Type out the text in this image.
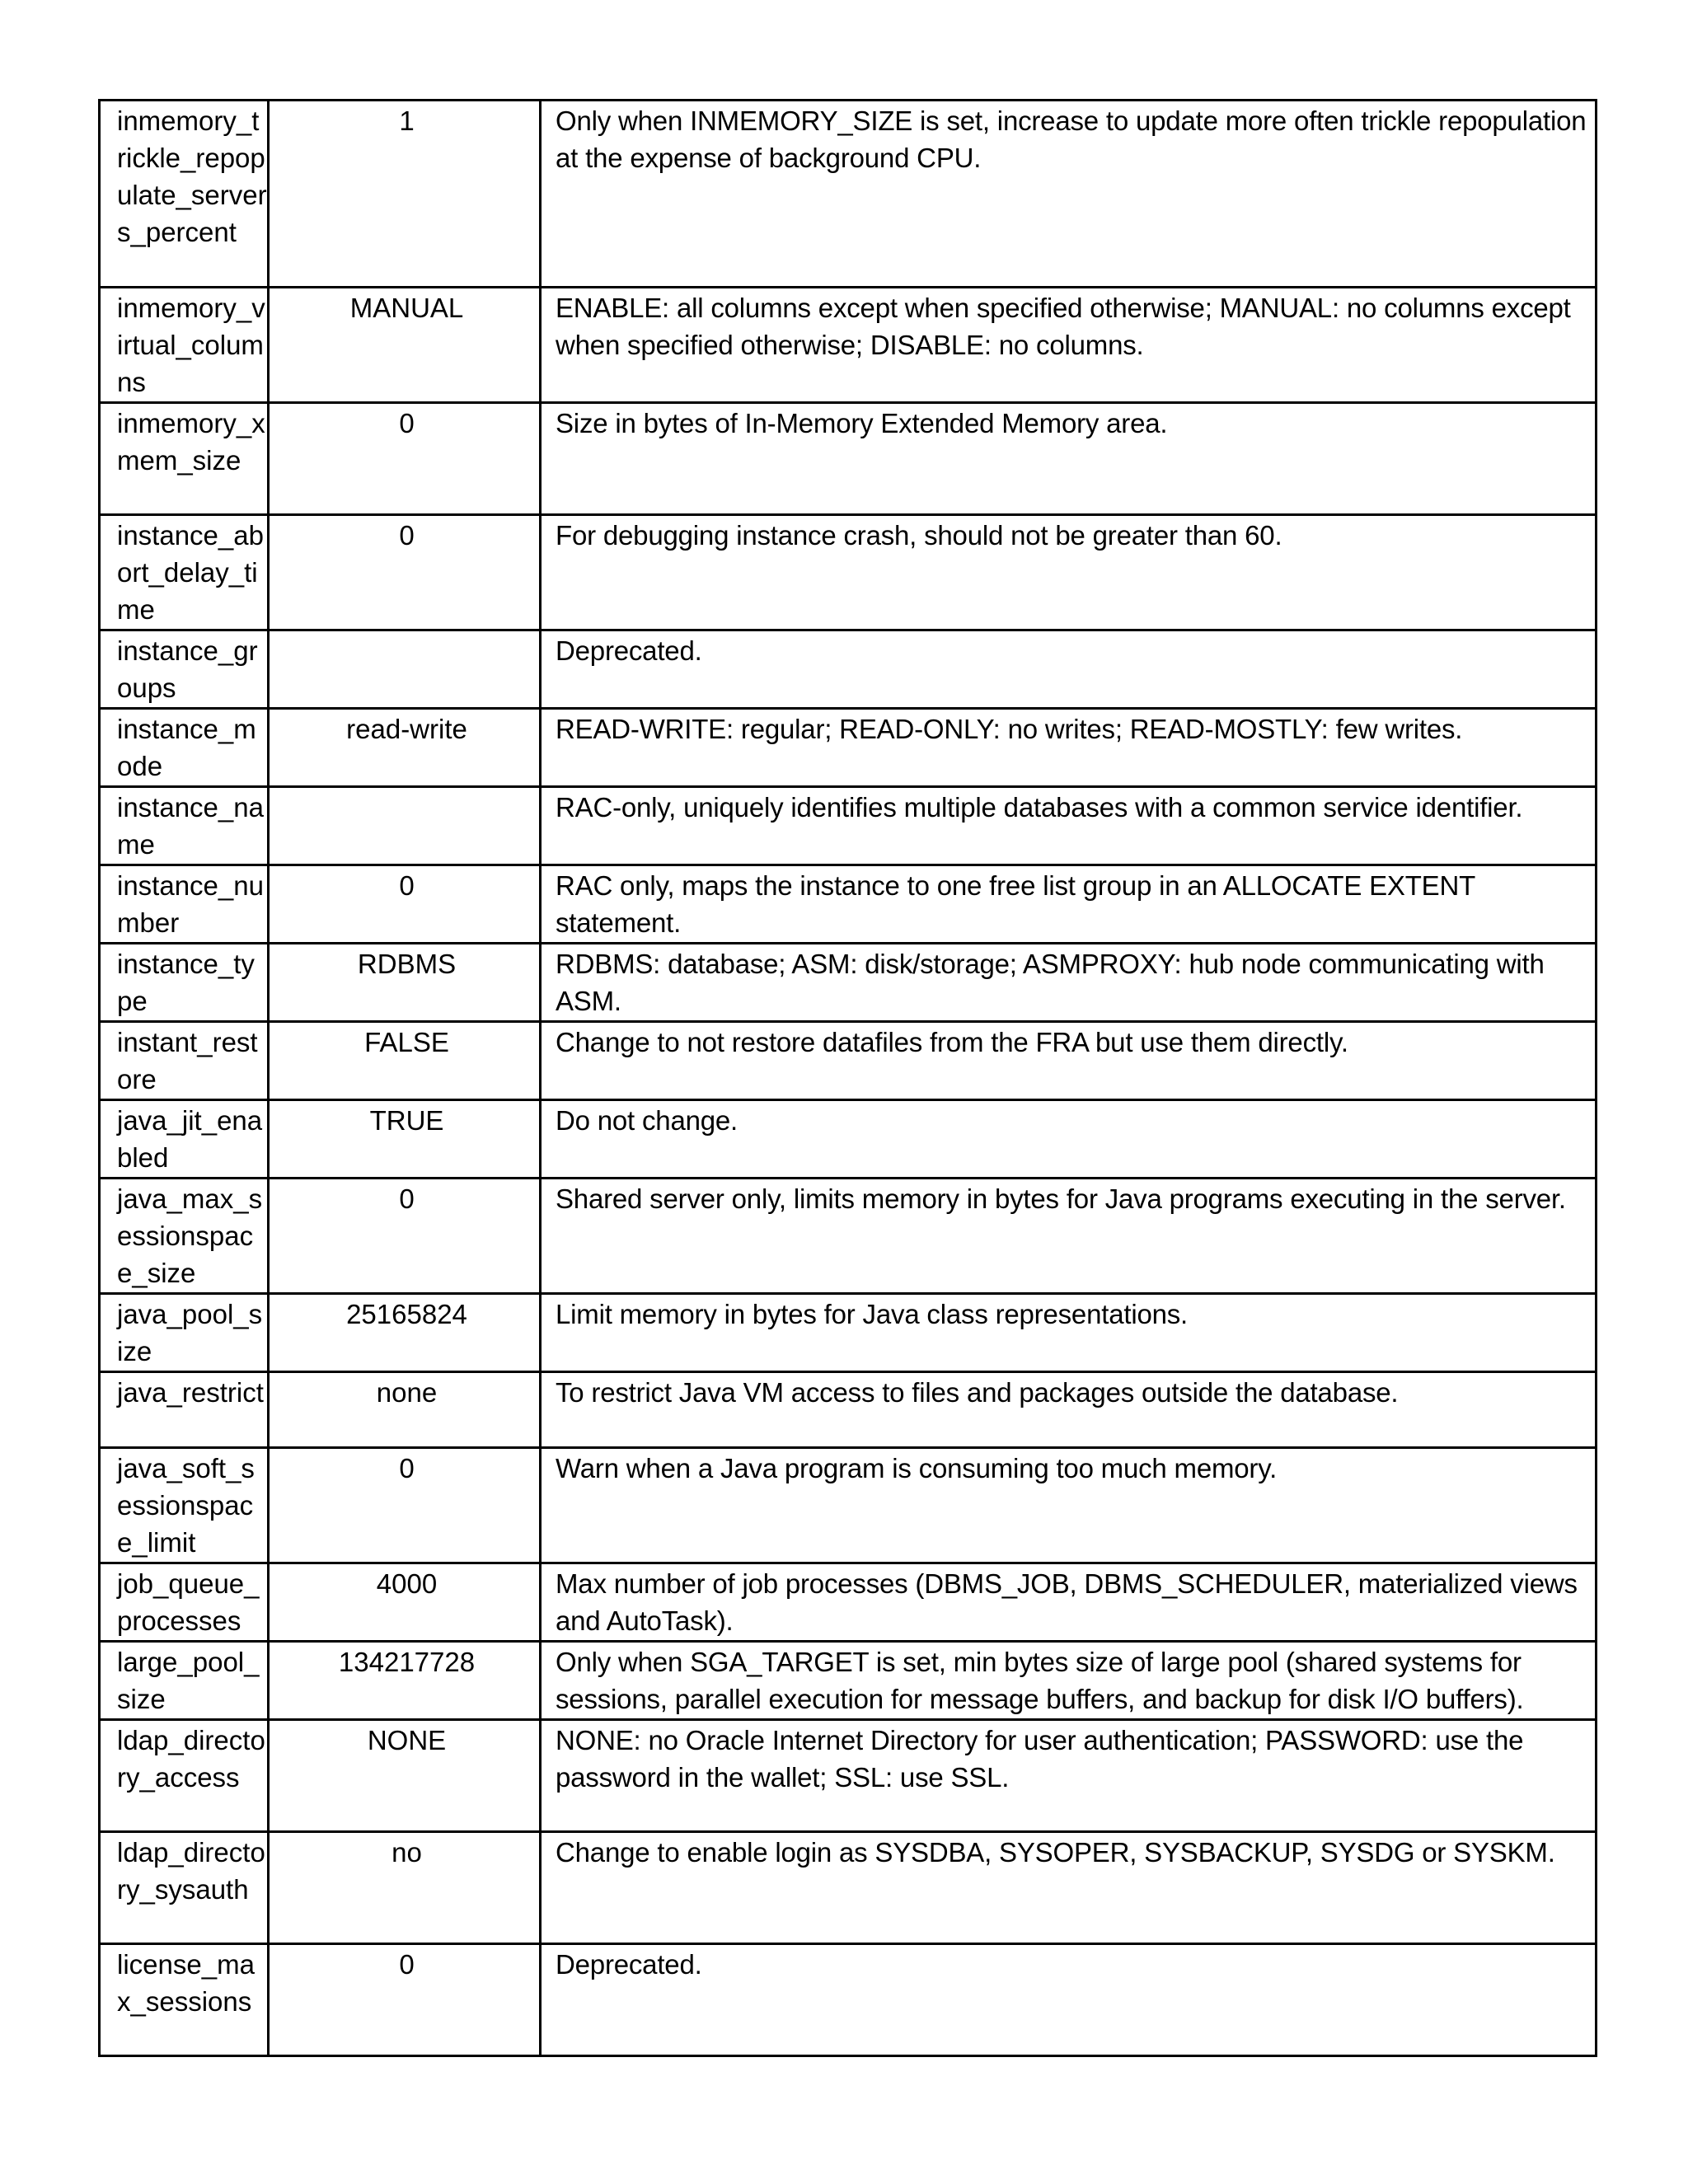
inmemory_trickle_repopulate_servers_percent	1	Only when INMEMORY_SIZE is set, increase to update more often trickle repopulation at the expense of background CPU.
inmemory_virtual_columns	MANUAL	ENABLE: all columns except when specified otherwise; MANUAL: no columns except when specified otherwise; DISABLE: no columns.
inmemory_xmem_size	0	Size in bytes of In-Memory Extended Memory area.
instance_abort_delay_time	0	For debugging instance crash, should not be greater than 60.
instance_groups		Deprecated.
instance_mode	read-write	READ-WRITE: regular; READ-ONLY: no writes; READ-MOSTLY: few writes.
instance_name		RAC-only, uniquely identifies multiple databases with a common service identifier.
instance_number	0	RAC only, maps the instance to one free list group in an ALLOCATE EXTENT statement.
instance_type	RDBMS	RDBMS: database; ASM: disk/storage; ASMPROXY: hub node communicating with ASM.
instant_restore	FALSE	Change to not restore datafiles from the FRA but use them directly.
java_jit_enabled	TRUE	Do not change.
java_max_sessionspace_size	0	Shared server only, limits memory in bytes for Java programs executing in the server.
java_pool_size	25165824	Limit memory in bytes for Java class representations.
java_restrict	none	To restrict Java VM access to files and packages outside the database.
java_soft_sessionspace_limit	0	Warn when a Java program is consuming too much memory.
job_queue_processes	4000	Max number of job processes (DBMS_JOB, DBMS_SCHEDULER, materialized views and AutoTask).
large_pool_size	134217728	Only when SGA_TARGET is set, min bytes size of large pool (shared systems for sessions, parallel execution for message buffers, and backup for disk I/O buffers).
ldap_directory_access	NONE	NONE: no Oracle Internet Directory for user authentication; PASSWORD: use the password in the wallet; SSL: use SSL.
ldap_directory_sysauth	no	Change to enable login as SYSDBA, SYSOPER, SYSBACKUP, SYSDG or SYSKM.
license_max_sessions	0	Deprecated.
